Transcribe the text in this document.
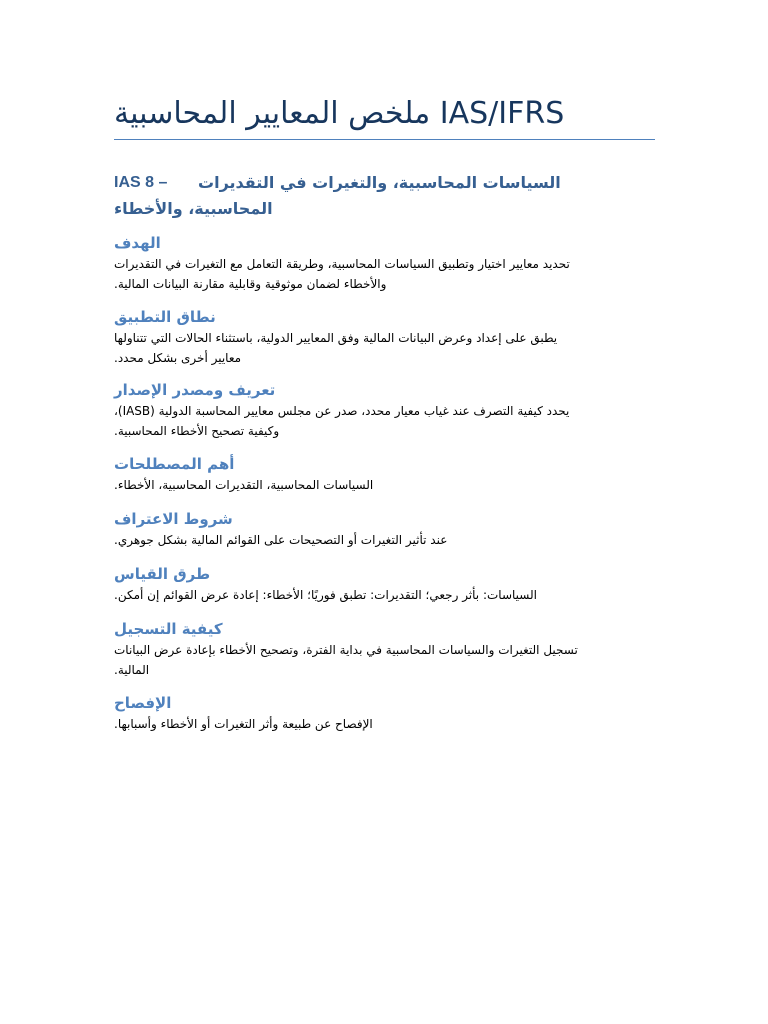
ملخص المعايير المحاسبية IAS/IFRS
IAS 8 –	السياسات المحاسبية، والتغيرات في التقديرات
المحاسبية، والأخطاء
الهدف

تحديد معايير اختيار وتطبيق السياسات المحاسبية، وطريقة التعامل مع التغيرات في التقديرات

والأخطاء لضمان موثوقية وقابلية مقارنة البيانات المالية.

نطاق التطبيق

يطبق على إعداد وعرض البيانات المالية وفق المعايير الدولية، باستثناء الحالات التي تتناولها

معايير أخرى بشكل محدد.

تعريف ومصدر الإصدار

يحدد كيفية التصرف عند غياب معيار محدد، صدر عن مجلس معايير المحاسبة الدولية (IASB)،

وكيفية تصحيح الأخطاء المحاسبية.

أهم المصطلحات

السياسات المحاسبية، التقديرات المحاسبية، الأخطاء.

شروط الاعتراف

عند تأثير التغيرات أو التصحيحات على القوائم المالية بشكل جوهري.

طرق القياس

السياسات: بأثر رجعي؛ التقديرات: تطبق فوريًا؛ الأخطاء: إعادة عرض القوائم إن أمكن.

كيفية التسجيل

تسجيل التغيرات والسياسات المحاسبية في بداية الفترة، وتصحيح الأخطاء بإعادة عرض البيانات

المالية.

الإفصاح

الإفصاح عن طبيعة وأثر التغيرات أو الأخطاء وأسبابها.
